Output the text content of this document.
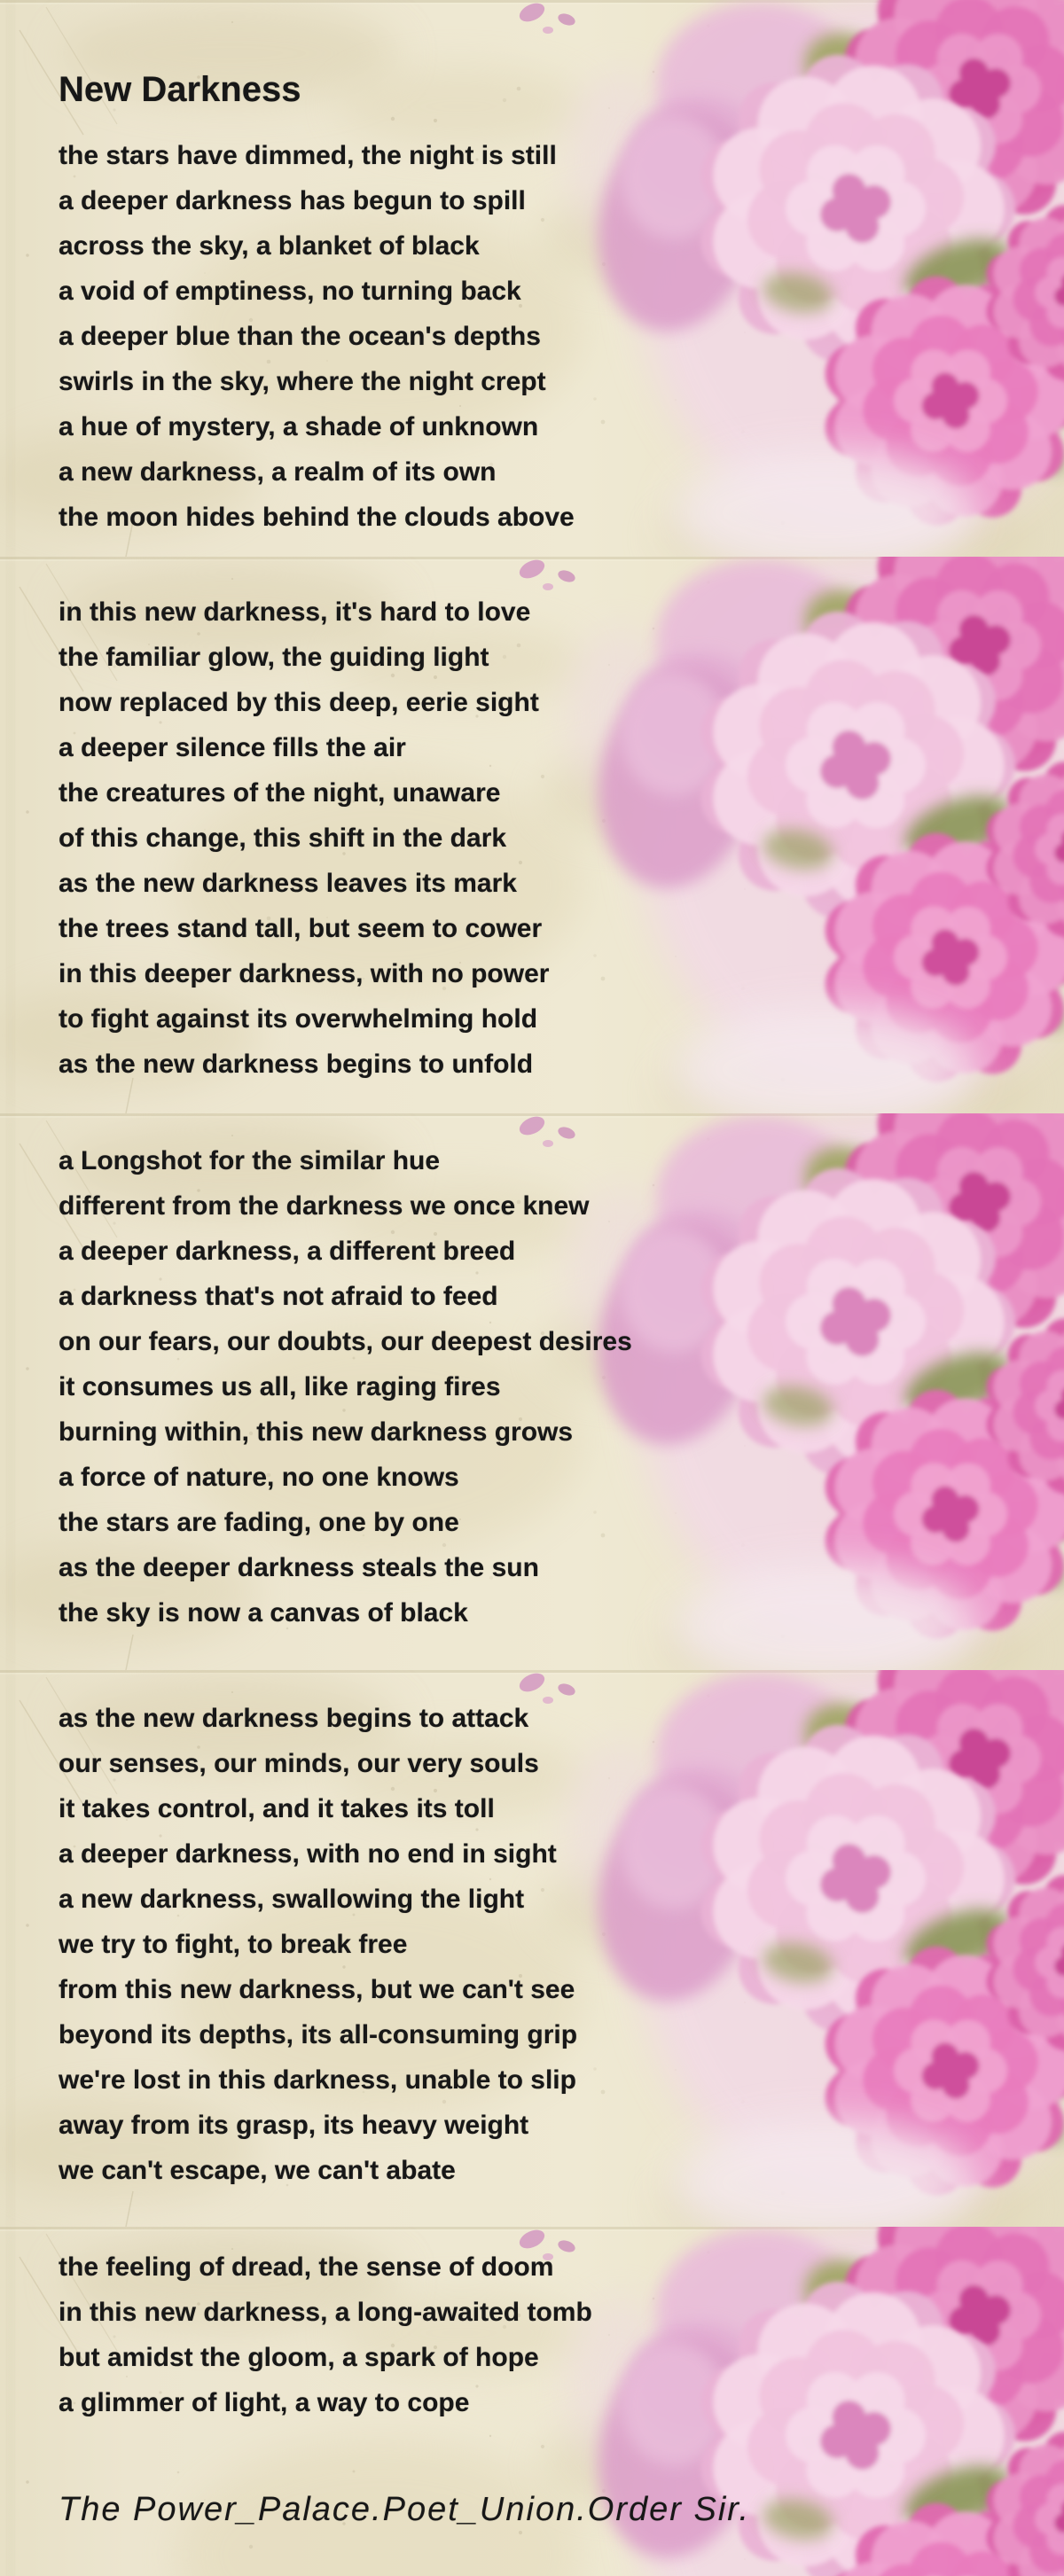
New Darkness
the stars have dimmed, the night is still
a deeper darkness has begun to spill
across the sky, a blanket of black
a void of emptiness, no turning back
a deeper blue than the ocean's depths
swirls in the sky, where the night crept
a hue of mystery, a shade of unknown
a new darkness, a realm of its own
the moon hides behind the clouds above
in this new darkness, it's hard to love
the familiar glow, the guiding light
now replaced by this deep, eerie sight
a deeper silence fills the air
the creatures of the night, unaware
of this change, this shift in the dark
as the new darkness leaves its mark
the trees stand tall, but seem to cower
in this deeper darkness, with no power
to fight against its overwhelming hold
as the new darkness begins to unfold
a Longshot for the similar hue
different from the darkness we once knew
a deeper darkness, a different breed
a darkness that's not afraid to feed
on our fears, our doubts, our deepest desires
it consumes us all, like raging fires
burning within, this new darkness grows
a force of nature, no one knows
the stars are fading, one by one
as the deeper darkness steals the sun
the sky is now a canvas of black
as the new darkness begins to attack
our senses, our minds, our very souls
it takes control, and it takes its toll
a deeper darkness, with no end in sight
a new darkness, swallowing the light
we try to fight, to break free
from this new darkness, but we can't see
beyond its depths, its all-consuming grip
we're lost in this darkness, unable to slip
away from its grasp, its heavy weight
we can't escape, we can't abate
the feeling of dread, the sense of doom
in this new darkness, a long-awaited tomb
but amidst the gloom, a spark of hope
a glimmer of light, a way to cope
The Power_Palace.Poet_Union.Order Sir.
